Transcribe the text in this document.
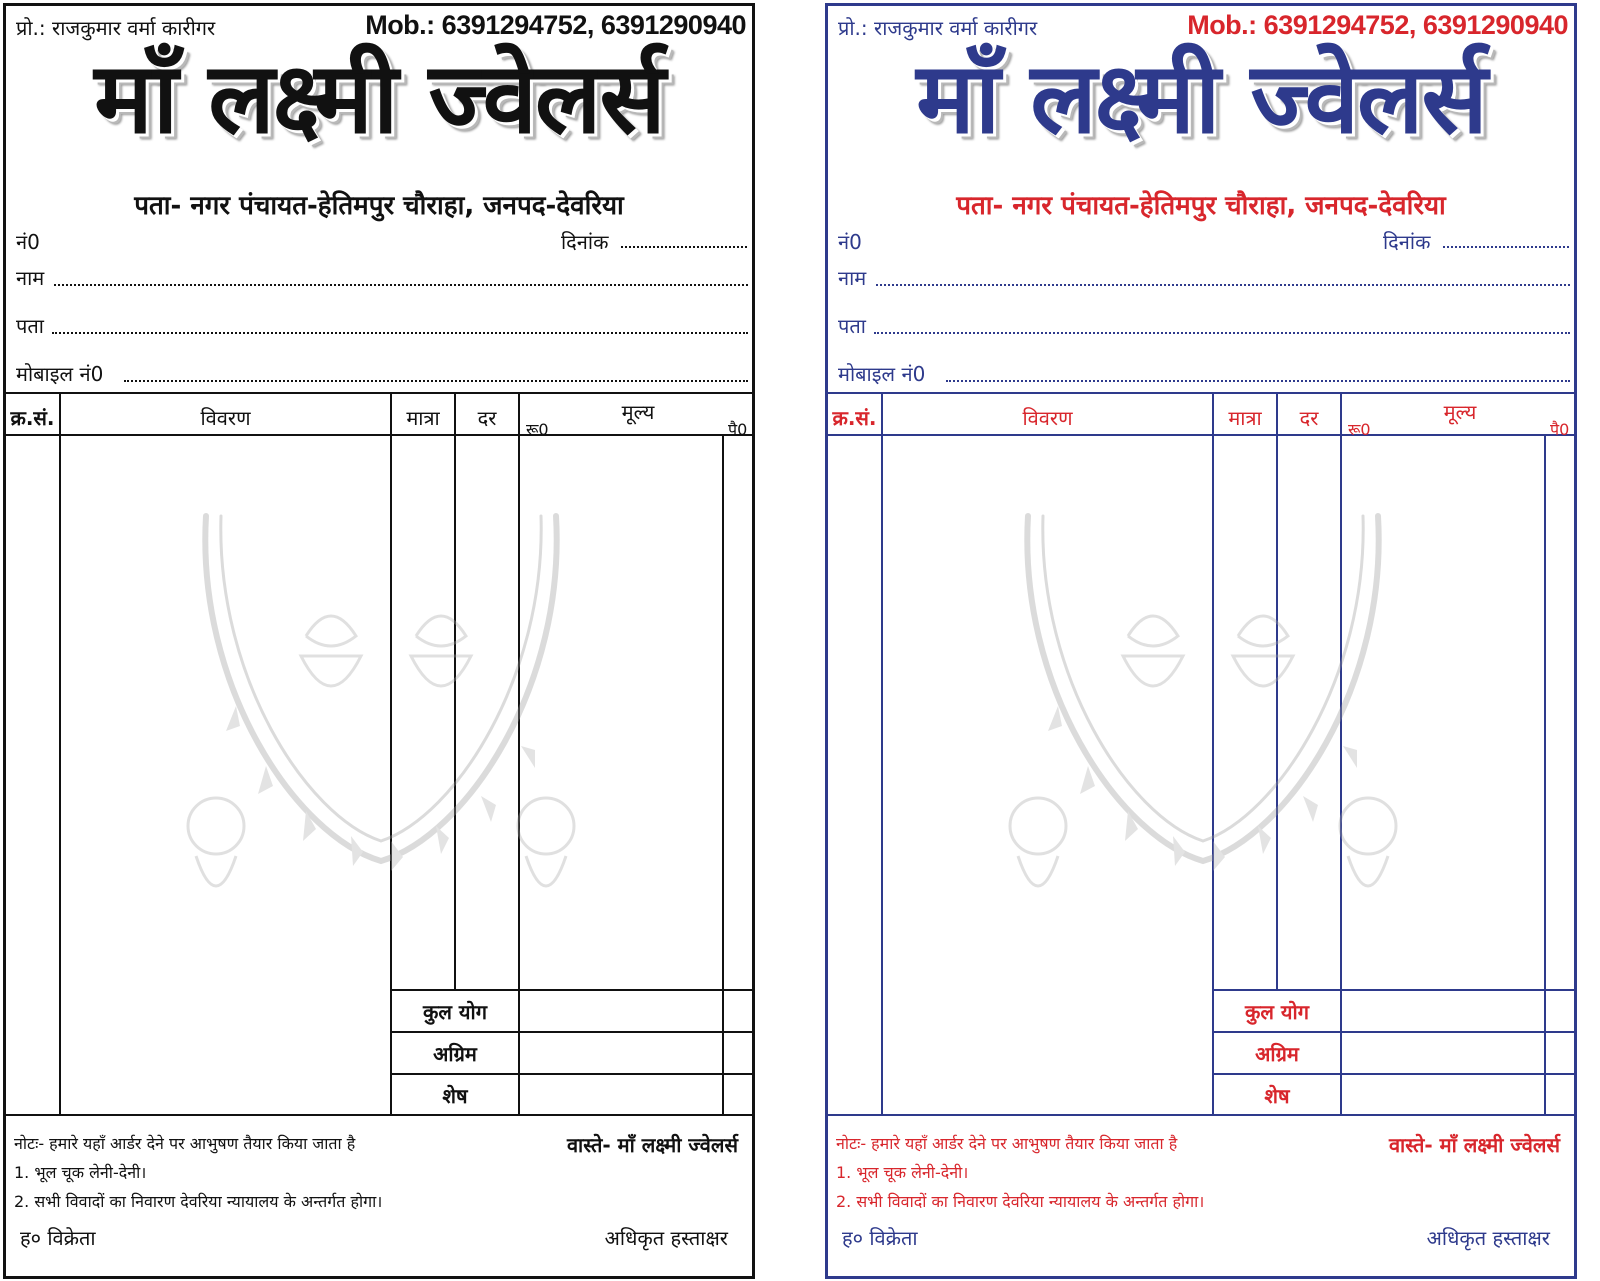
प्रो.: राजकुमार वर्मा कारीगर	Mob.: 6391294752, 6391290940
माँ लक्ष्मी ज्वेलर्स
पता- नगर पंचायत-हेतिमपुर चौराहा, जनपद-देवरिया
नं0	दिनांक
नाम
पता
मोबाइल नं0
क्र.सं.	विवरण	मात्रा	दर	मूल्य
रू0	पै0
कुल योग
अग्रिम
शेष
नोटः- हमारे यहाँ आर्डर देने पर आभुषण तैयार किया जाता है	वास्ते- माँ लक्ष्मी ज्वेलर्स
1. भूल चूक लेनी-देनी।
2. सभी विवादों का निवारण देवरिया न्यायालय के अन्तर्गत होगा।
ह० विक्रेता	अधिकृत हस्ताक्षर
प्रो.: राजकुमार वर्मा कारीगर	Mob.: 6391294752, 6391290940
माँ लक्ष्मी ज्वेलर्स
पता- नगर पंचायत-हेतिमपुर चौराहा, जनपद-देवरिया
नं0	दिनांक
नाम
पता
मोबाइल नं0
क्र.सं.	विवरण	मात्रा	दर	मूल्य
रू0	पै0
कुल योग
अग्रिम
शेष
नोटः- हमारे यहाँ आर्डर देने पर आभुषण तैयार किया जाता है	वास्ते- माँ लक्ष्मी ज्वेलर्स
1. भूल चूक लेनी-देनी।
2. सभी विवादों का निवारण देवरिया न्यायालय के अन्तर्गत होगा।
ह० विक्रेता	अधिकृत हस्ताक्षर
